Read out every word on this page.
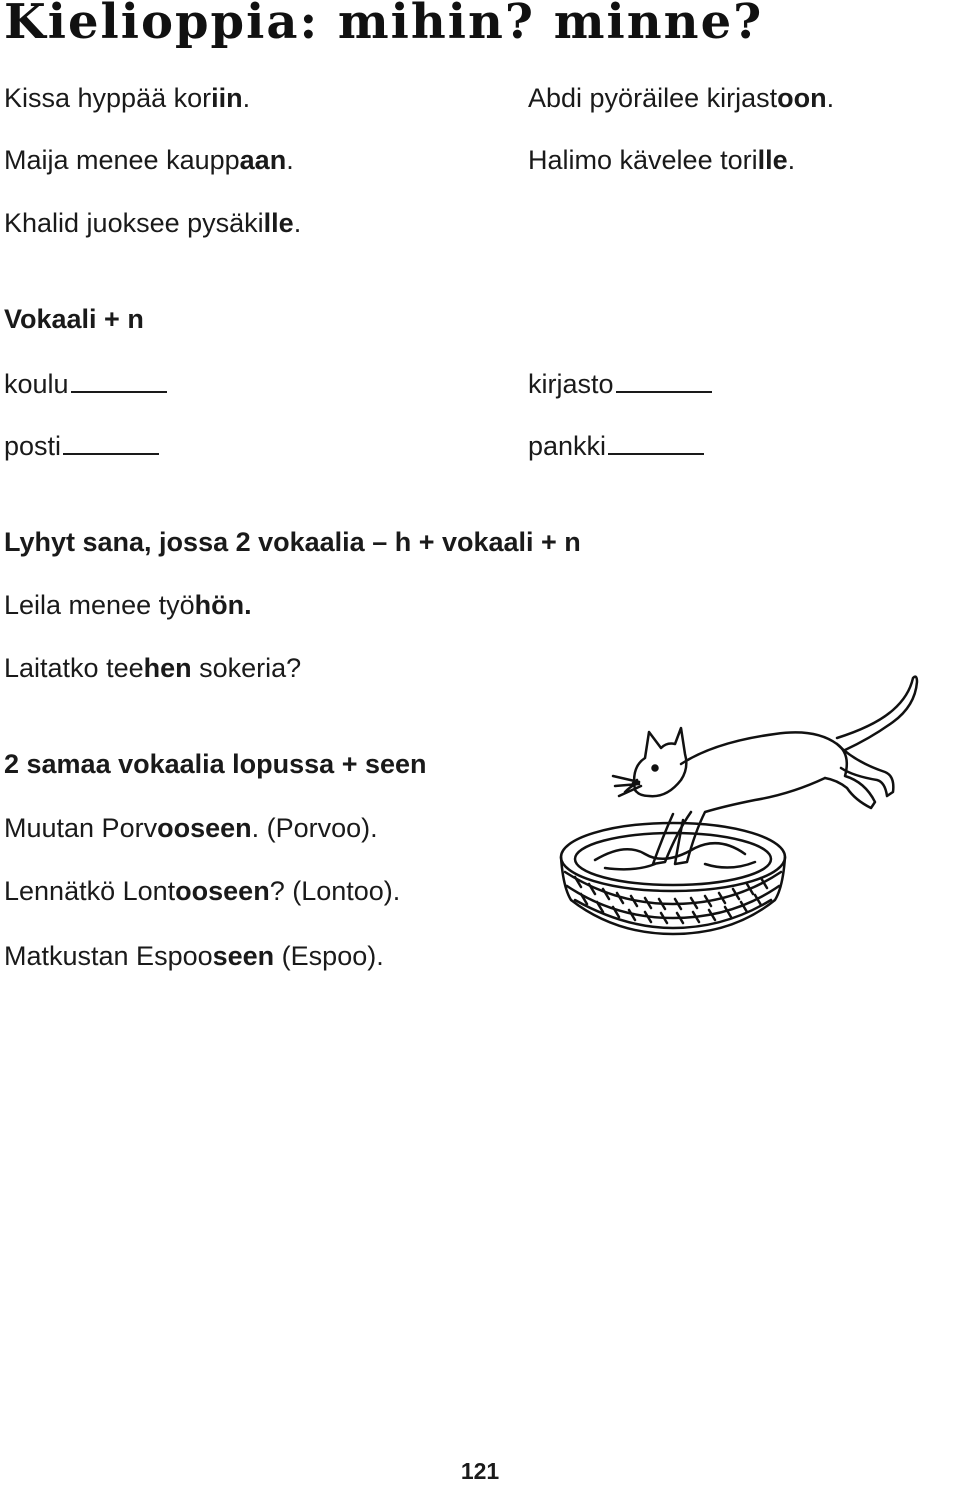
Kielioppia: mihin? minne?
Kissa hyppää koriin.	Abdi pyöräilee kirjastoon.
Maija menee kauppaan.	Halimo kävelee torille.
Khalid juoksee pysäkille.
Vokaali + n
koulu	kirjasto
posti	pankki
Lyhyt sana, jossa 2 vokaalia – h + vokaali + n
Leila menee työhön.
Laitatko teehen sokeria?
2 samaa vokaalia lopussa + seen
Muutan Porvooseen. (Porvoo).
Lennätkö Lontooseen? (Lontoo).
Matkustan Espooseen (Espoo).
121
